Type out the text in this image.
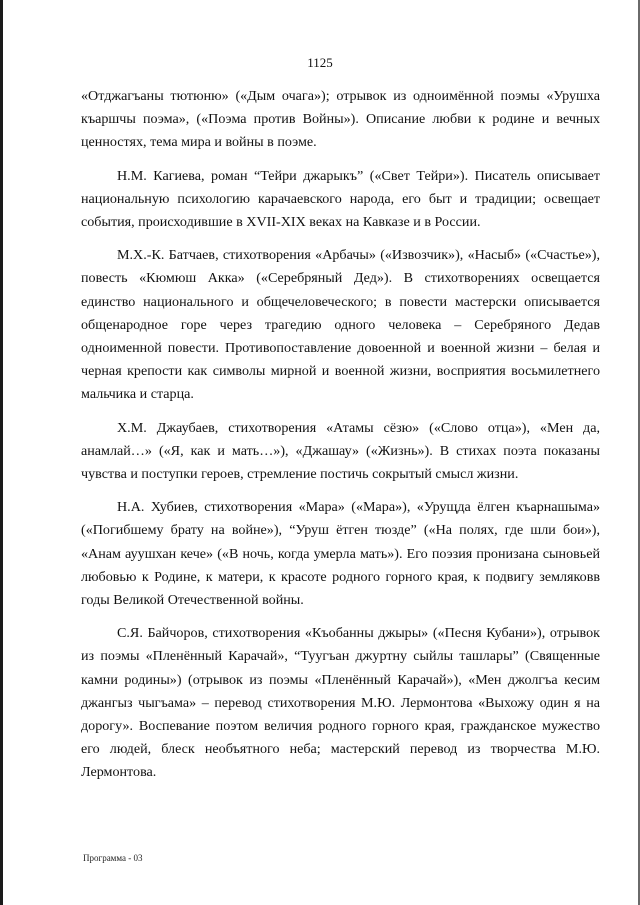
1125

«Отджагъаны тютюню» («Дым очага»); отрывок из одноимённой поэмы «Урушха къаршчы поэма», («Поэма против Войны»). Описание любви к родине и вечных ценностях, тема мира и войны в поэме.

Н.М. Кагиева, роман “Тейри джарыкъ” («Свет Тейри»). Писатель описывает национальную психологию карачаевского народа, его быт и традиции; освещает события, происходившие в XVII-XIX веках на Кавказе и в России.

М.Х.-К. Батчаев, стихотворения «Арбачы» («Извозчик»), «Насыб» («Счастье»), повесть «Кюмюш Акка» («Серебряный Дед»). В стихотворениях освещается единство национального и общечеловеческого; в повести мастерски описывается общенародное горе через трагедию одного человека – Серебряного Дедав одноименной повести. Противопоставление довоенной и военной жизни – белая и черная крепости как символы мирной и военной жизни, восприятия восьмилетнего мальчика и старца.

Х.М. Джаубаев, стихотворения «Атамы сёзю» («Слово отца»), «Мен да, анамлай…» («Я, как и мать…»), «Джашау» («Жизнь»). В стихах поэта показаны чувства и поступки героев, стремление постичь сокрытый смысл жизни.

Н.А. Хубиев, стихотворения «Мара» («Мара»), «Урущда ёлген къарнашыма» («Погибшему брату на войне»), “Уруш ётген тюзде” («На полях, где шли бои»), «Анам ауушхан кече» («В ночь, когда умерла мать»). Его поэзия пронизана сыновьей любовью к Родине, к матери, к красоте родного горного края, к подвигу земляковв годы Великой Отечественной войны.

С.Я. Байчоров, стихотворения «Къобанны джыры» («Песня Кубани»), отрывок из поэмы «Пленённый Карачай», “Туугъан джуртну сыйлы ташлары” (Священные камни родины») (отрывок из поэмы «Пленённый Карачай»), «Мен джолгъа кесим джангыз чыгъама» – перевод стихотворения М.Ю. Лермонтова «Выхожу один я на дорогу». Воспевание поэтом величия родного горного края, гражданское мужество его людей, блеск необъятного неба; мастерский перевод из творчества М.Ю. Лермонтова.

Программа - 03
